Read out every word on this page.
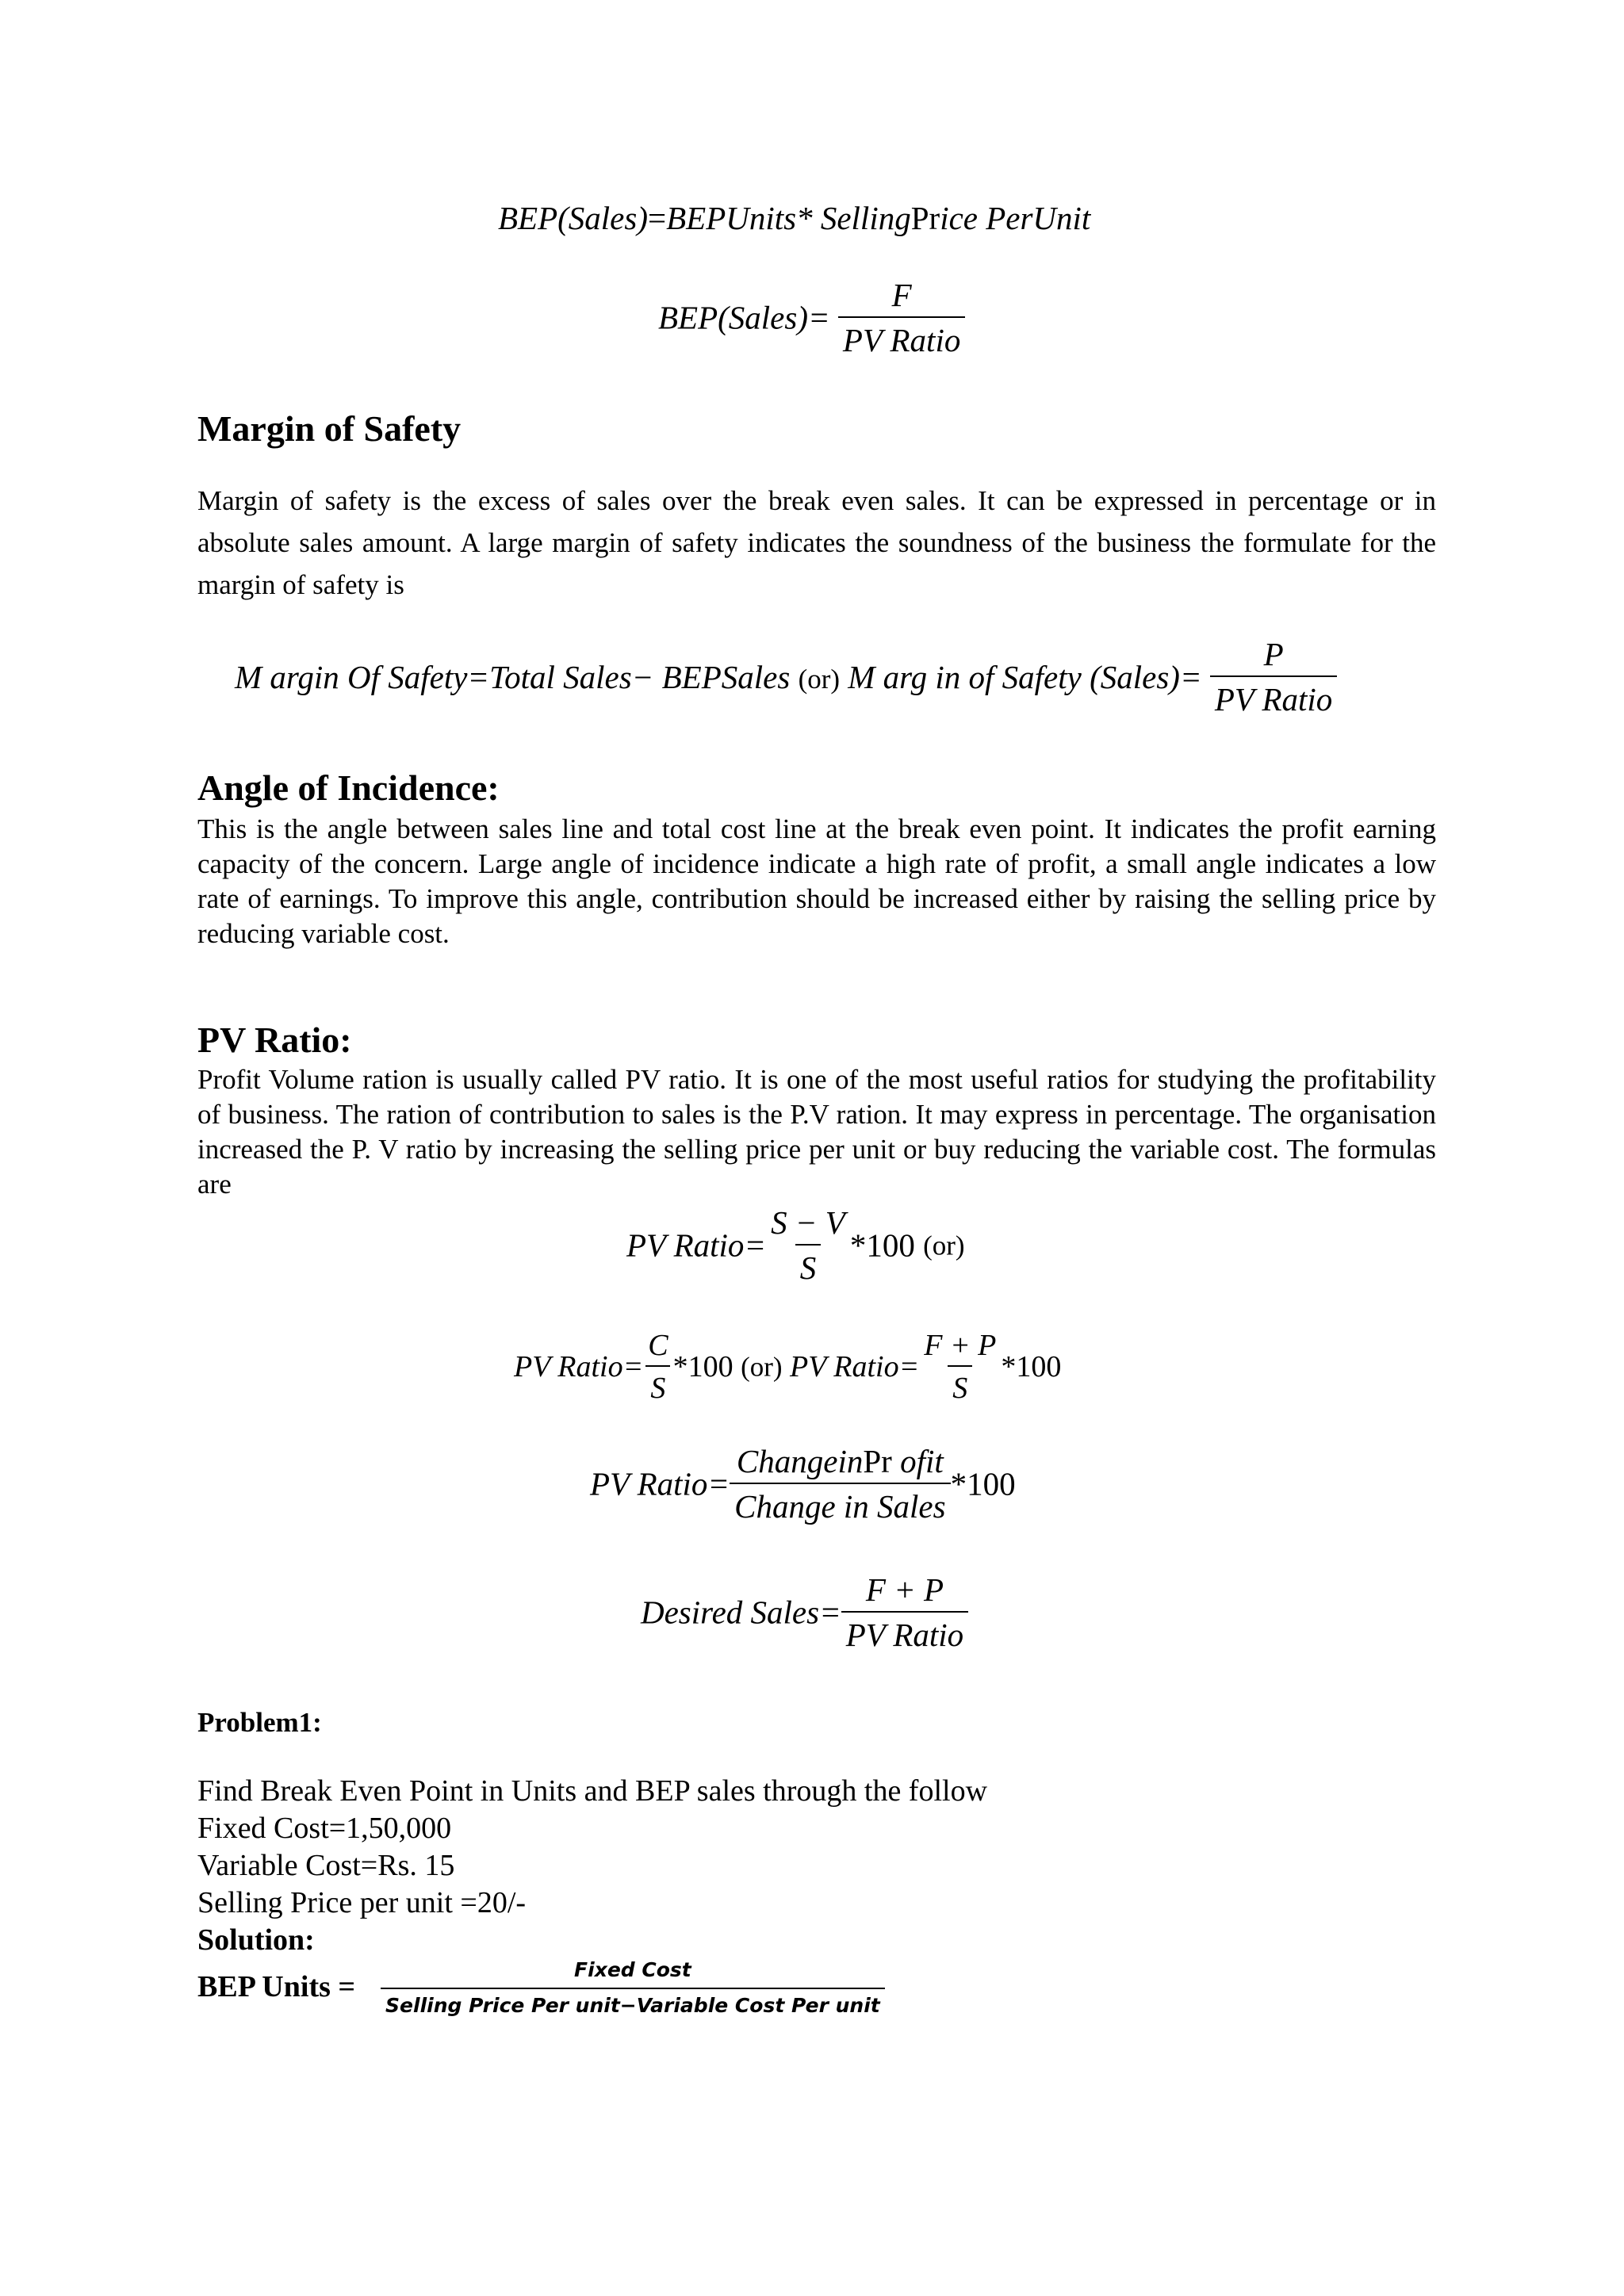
BEP(Sales)=BEPUnits* SellingPrice PerUnit
BEP(Sales)= $\frac{F}{\text{PV Ratio}}$
Margin of Safety
Margin of safety is the excess of sales over the break even sales. It can be expressed in percentage or in absolute sales amount. A large margin of safety indicates the soundness of the business the formulate for the margin of safety is
M argin Of Safety=Total Sales− BEPSales (or) M arg in of Safety (Sales)= $\frac{P}{\text{PV Ratio}}$
Angle of Incidence:
This is the angle between sales line and total cost line at the break even point. It indicates the profit earning capacity of the concern. Large angle of incidence indicate a high rate of profit, a small angle indicates a low rate of earnings. To improve this angle, contribution should be increased either by raising the selling price by reducing variable cost.
PV Ratio:
Profit Volume ration is usually called PV ratio. It is one of the most useful ratios for studying the profitability of business. The ration of contribution to sales is the P.V ration. It may express in percentage. The organisation increased the P. V ratio by increasing the selling price per unit or buy reducing the variable cost. The formulas are
PV Ratio= $\frac{S - V}{S} *100$ (or)
PV Ratio= $\frac{C}{S} *100$ (or) PV Ratio= $\frac{F + P}{S} *100$
PV Ratio= $\frac{\text{ChangeinPr ofit}}{\text{Change in Sales}} *100$
Desired Sales= $\frac{F + P}{\text{PV Ratio}}$
Problem1:
Find Break Even Point in Units and BEP sales through the follow
Fixed Cost=1,50,000
Variable Cost=Rs. 15
Selling Price per unit =20/-
Solution:
BEP Units = $\frac{\text{Fixed Cost}}{\text{Selling Price Per unit−Variable Cost Per unit}}$
